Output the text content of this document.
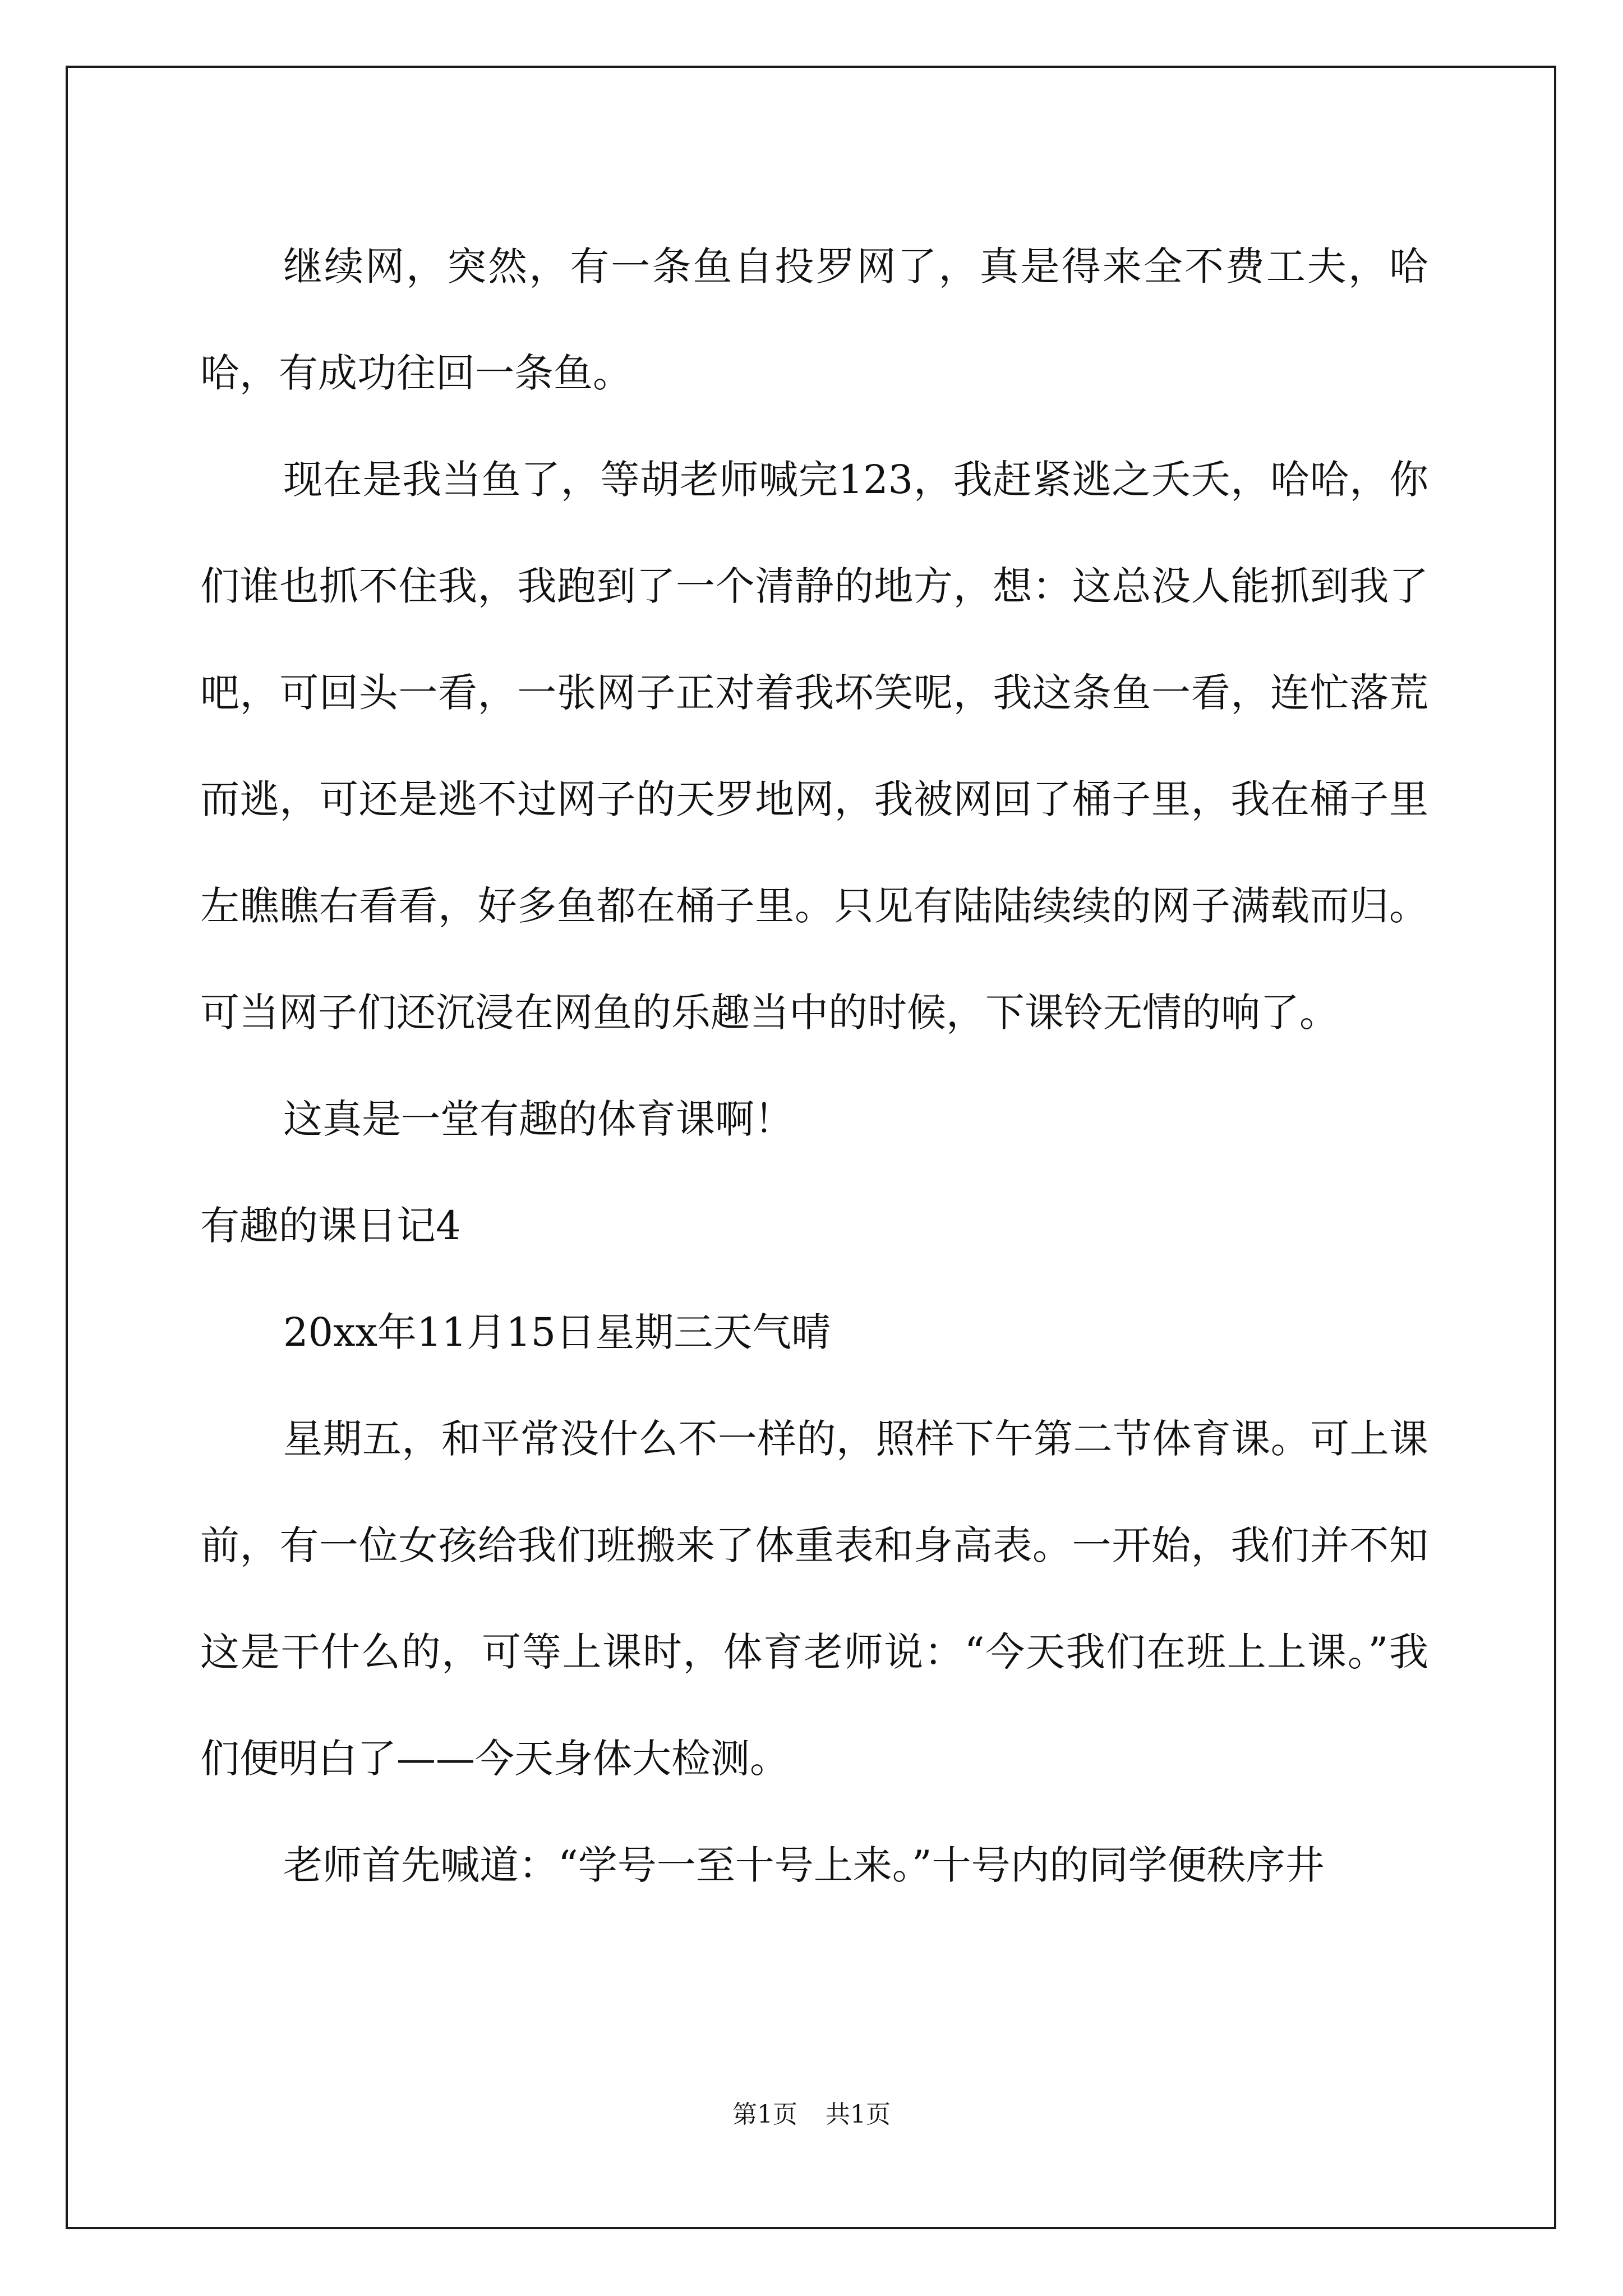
继续网，突然，有一条鱼自投罗网了，真是得来全不费工夫，哈哈，有成功往回一条鱼。

现在是我当鱼了，等胡老师喊完123，我赶紧逃之夭夭，哈哈，你们谁也抓不住我，我跑到了一个清静的地方，想：这总没人能抓到我了吧，可回头一看，一张网子正对着我坏笑呢，我这条鱼一看，连忙落荒而逃，可还是逃不过网子的天罗地网，我被网回了桶子里，我在桶子里左瞧瞧右看看，好多鱼都在桶子里。只见有陆陆续续的网子满载而归。可当网子们还沉浸在网鱼的乐趣当中的时候，下课铃无情的响了。

这真是一堂有趣的体育课啊！

有趣的课日记4

20xx年11月15日星期三天气晴

星期五，和平常没什么不一样的，照样下午第二节体育课。可上课前，有一位女孩给我们班搬来了体重表和身高表。一开始，我们并不知这是干什么的，可等上课时，体育老师说：“今天我们在班上上课。”我们便明白了——今天身体大检测。

老师首先喊道：“学号一至十号上来。”十号内的同学便秩序井

第1页 共1页
